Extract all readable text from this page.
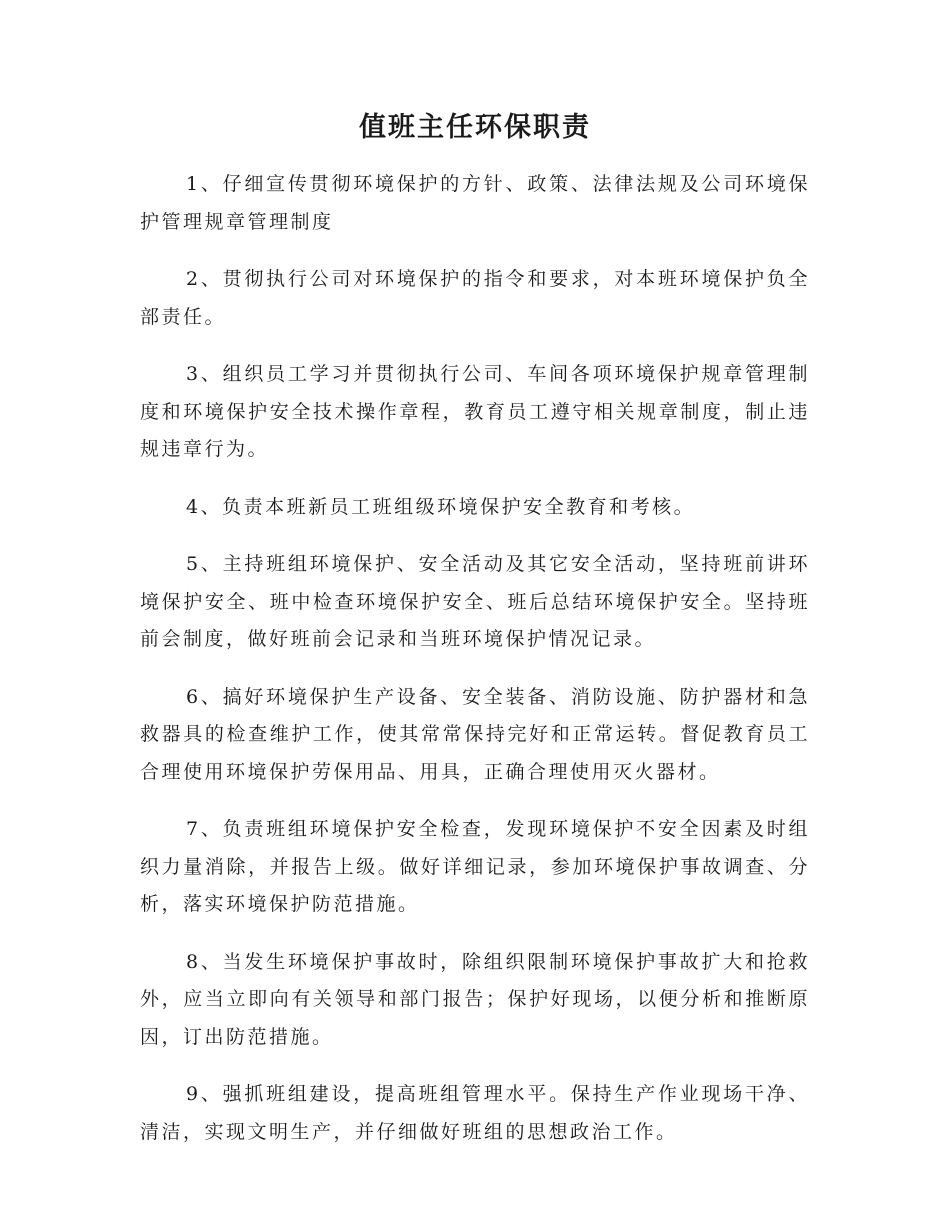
值班主任环保职责

1、仔细宣传贯彻环境保护的方针、政策、法律法规及公司环境保护管理规章管理制度

2、贯彻执行公司对环境保护的指令和要求，对本班环境保护负全部责任。

3、组织员工学习并贯彻执行公司、车间各项环境保护规章管理制度和环境保护安全技术操作章程，教育员工遵守相关规章制度，制止违规违章行为。

4、负责本班新员工班组级环境保护安全教育和考核。

5、主持班组环境保护、安全活动及其它安全活动，坚持班前讲环境保护安全、班中检查环境保护安全、班后总结环境保护安全。坚持班前会制度，做好班前会记录和当班环境保护情况记录。

6、搞好环境保护生产设备、安全装备、消防设施、防护器材和急救器具的检查维护工作，使其常常保持完好和正常运转。督促教育员工合理使用环境保护劳保用品、用具，正确合理使用灭火器材。

7、负责班组环境保护安全检查，发现环境保护不安全因素及时组织力量消除，并报告上级。做好详细记录，参加环境保护事故调查、分析，落实环境保护防范措施。

8、当发生环境保护事故时，除组织限制环境保护事故扩大和抢救外，应当立即向有关领导和部门报告；保护好现场，以便分析和推断原因，订出防范措施。

9、强抓班组建设，提高班组管理水平。保持生产作业现场干净、清洁，实现文明生产，并仔细做好班组的思想政治工作。
